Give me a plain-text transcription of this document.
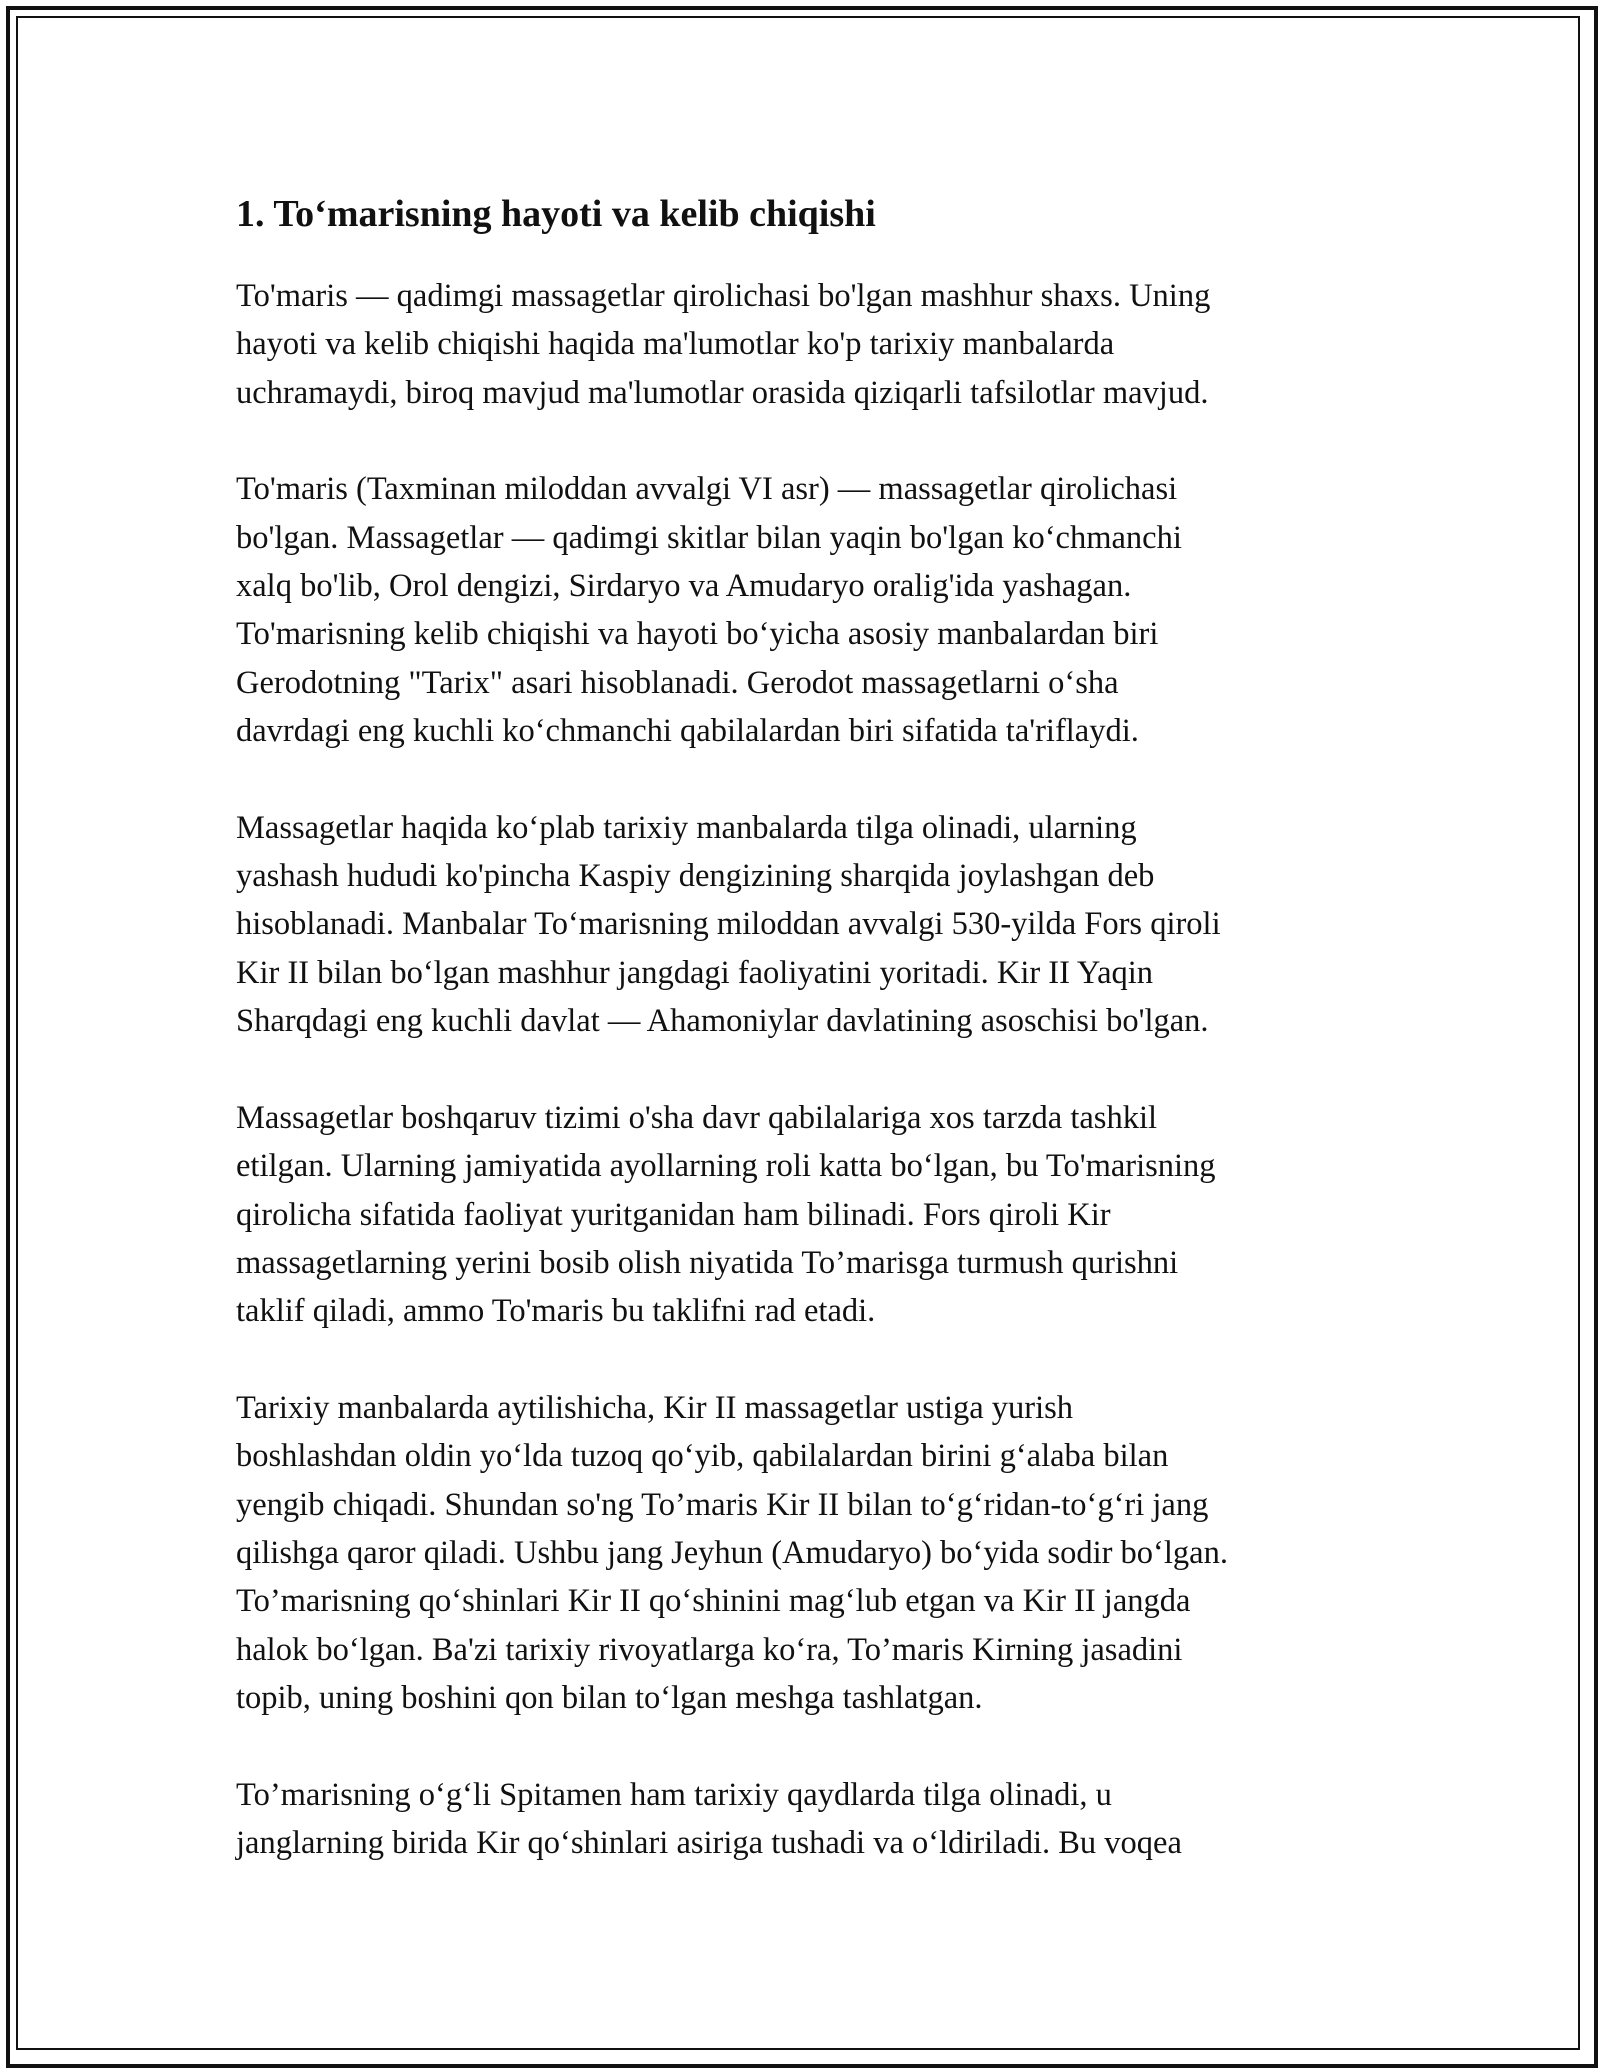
1. To‘marisning hayoti va kelib chiqishi

To'maris — qadimgi massagetlar qirolichasi bo'lgan mashhur shaxs. Uning
hayoti va kelib chiqishi haqida ma'lumotlar ko'p tarixiy manbalarda
uchramaydi, biroq mavjud ma'lumotlar orasida qiziqarli tafsilotlar mavjud.

To'maris (Taxminan miloddan avvalgi VI asr) — massagetlar qirolichasi
bo'lgan. Massagetlar — qadimgi skitlar bilan yaqin bo'lgan ko‘chmanchi
xalq bo'lib, Orol dengizi, Sirdaryo va Amudaryo oralig'ida yashagan.
To'marisning kelib chiqishi va hayoti bo‘yicha asosiy manbalardan biri
Gerodotning "Tarix" asari hisoblanadi. Gerodot massagetlarni o‘sha
davrdagi eng kuchli ko‘chmanchi qabilalardan biri sifatida ta'riflaydi.

Massagetlar haqida ko‘plab tarixiy manbalarda tilga olinadi, ularning
yashash hududi ko'pincha Kaspiy dengizining sharqida joylashgan deb
hisoblanadi. Manbalar To‘marisning miloddan avvalgi 530-yilda Fors qiroli
Kir II bilan bo‘lgan mashhur jangdagi faoliyatini yoritadi. Kir II Yaqin
Sharqdagi eng kuchli davlat — Ahamoniylar davlatining asoschisi bo'lgan.

Massagetlar boshqaruv tizimi o'sha davr qabilalariga xos tarzda tashkil
etilgan. Ularning jamiyatida ayollarning roli katta bo‘lgan, bu To'marisning
qirolicha sifatida faoliyat yuritganidan ham bilinadi. Fors qiroli Kir
massagetlarning yerini bosib olish niyatida To’marisga turmush qurishni
taklif qiladi, ammo To'maris bu taklifni rad etadi.

Tarixiy manbalarda aytilishicha, Kir II massagetlar ustiga yurish
boshlashdan oldin yo‘lda tuzoq qo‘yib, qabilalardan birini g‘alaba bilan
yengib chiqadi. Shundan so'ng To’maris Kir II bilan to‘g‘ridan-to‘g‘ri jang
qilishga qaror qiladi. Ushbu jang Jeyhun (Amudaryo) bo‘yida sodir bo‘lgan.
To’marisning qo‘shinlari Kir II qo‘shinini mag‘lub etgan va Kir II jangda
halok bo‘lgan. Ba'zi tarixiy rivoyatlarga ko‘ra, To’maris Kirning jasadini
topib, uning boshini qon bilan to‘lgan meshga tashlatgan.

To’marisning o‘g‘li Spitamen ham tarixiy qaydlarda tilga olinadi, u
janglarning birida Kir qo‘shinlari asiriga tushadi va o‘ldiriladi. Bu voqea
